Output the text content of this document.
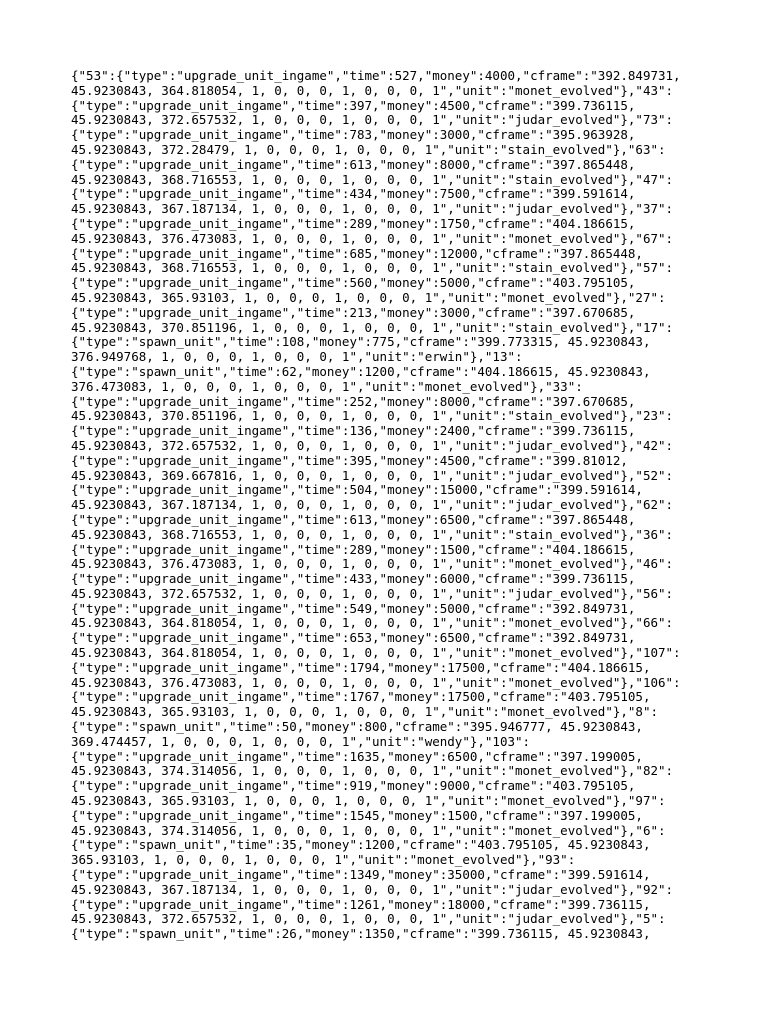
{"53":{"type":"upgrade_unit_ingame","time":527,"money":4000,"cframe":"392.849731,
45.9230843, 364.818054, 1, 0, 0, 0, 1, 0, 0, 0, 1","unit":"monet_evolved"},"43":
{"type":"upgrade_unit_ingame","time":397,"money":4500,"cframe":"399.736115,
45.9230843, 372.657532, 1, 0, 0, 0, 1, 0, 0, 0, 1","unit":"judar_evolved"},"73":
{"type":"upgrade_unit_ingame","time":783,"money":3000,"cframe":"395.963928,
45.9230843, 372.28479, 1, 0, 0, 0, 1, 0, 0, 0, 1","unit":"stain_evolved"},"63":
{"type":"upgrade_unit_ingame","time":613,"money":8000,"cframe":"397.865448,
45.9230843, 368.716553, 1, 0, 0, 0, 1, 0, 0, 0, 1","unit":"stain_evolved"},"47":
{"type":"upgrade_unit_ingame","time":434,"money":7500,"cframe":"399.591614,
45.9230843, 367.187134, 1, 0, 0, 0, 1, 0, 0, 0, 1","unit":"judar_evolved"},"37":
{"type":"upgrade_unit_ingame","time":289,"money":1750,"cframe":"404.186615,
45.9230843, 376.473083, 1, 0, 0, 0, 1, 0, 0, 0, 1","unit":"monet_evolved"},"67":
{"type":"upgrade_unit_ingame","time":685,"money":12000,"cframe":"397.865448,
45.9230843, 368.716553, 1, 0, 0, 0, 1, 0, 0, 0, 1","unit":"stain_evolved"},"57":
{"type":"upgrade_unit_ingame","time":560,"money":5000,"cframe":"403.795105,
45.9230843, 365.93103, 1, 0, 0, 0, 1, 0, 0, 0, 1","unit":"monet_evolved"},"27":
{"type":"upgrade_unit_ingame","time":213,"money":3000,"cframe":"397.670685,
45.9230843, 370.851196, 1, 0, 0, 0, 1, 0, 0, 0, 1","unit":"stain_evolved"},"17":
{"type":"spawn_unit","time":108,"money":775,"cframe":"399.773315, 45.9230843,
376.949768, 1, 0, 0, 0, 1, 0, 0, 0, 1","unit":"erwin"},"13":
{"type":"spawn_unit","time":62,"money":1200,"cframe":"404.186615, 45.9230843,
376.473083, 1, 0, 0, 0, 1, 0, 0, 0, 1","unit":"monet_evolved"},"33":
{"type":"upgrade_unit_ingame","time":252,"money":8000,"cframe":"397.670685,
45.9230843, 370.851196, 1, 0, 0, 0, 1, 0, 0, 0, 1","unit":"stain_evolved"},"23":
{"type":"upgrade_unit_ingame","time":136,"money":2400,"cframe":"399.736115,
45.9230843, 372.657532, 1, 0, 0, 0, 1, 0, 0, 0, 1","unit":"judar_evolved"},"42":
{"type":"upgrade_unit_ingame","time":395,"money":4500,"cframe":"399.81012,
45.9230843, 369.667816, 1, 0, 0, 0, 1, 0, 0, 0, 1","unit":"judar_evolved"},"52":
{"type":"upgrade_unit_ingame","time":504,"money":15000,"cframe":"399.591614,
45.9230843, 367.187134, 1, 0, 0, 0, 1, 0, 0, 0, 1","unit":"judar_evolved"},"62":
{"type":"upgrade_unit_ingame","time":613,"money":6500,"cframe":"397.865448,
45.9230843, 368.716553, 1, 0, 0, 0, 1, 0, 0, 0, 1","unit":"stain_evolved"},"36":
{"type":"upgrade_unit_ingame","time":289,"money":1500,"cframe":"404.186615,
45.9230843, 376.473083, 1, 0, 0, 0, 1, 0, 0, 0, 1","unit":"monet_evolved"},"46":
{"type":"upgrade_unit_ingame","time":433,"money":6000,"cframe":"399.736115,
45.9230843, 372.657532, 1, 0, 0, 0, 1, 0, 0, 0, 1","unit":"judar_evolved"},"56":
{"type":"upgrade_unit_ingame","time":549,"money":5000,"cframe":"392.849731,
45.9230843, 364.818054, 1, 0, 0, 0, 1, 0, 0, 0, 1","unit":"monet_evolved"},"66":
{"type":"upgrade_unit_ingame","time":653,"money":6500,"cframe":"392.849731,
45.9230843, 364.818054, 1, 0, 0, 0, 1, 0, 0, 0, 1","unit":"monet_evolved"},"107":
{"type":"upgrade_unit_ingame","time":1794,"money":17500,"cframe":"404.186615,
45.9230843, 376.473083, 1, 0, 0, 0, 1, 0, 0, 0, 1","unit":"monet_evolved"},"106":
{"type":"upgrade_unit_ingame","time":1767,"money":17500,"cframe":"403.795105,
45.9230843, 365.93103, 1, 0, 0, 0, 1, 0, 0, 0, 1","unit":"monet_evolved"},"8":
{"type":"spawn_unit","time":50,"money":800,"cframe":"395.946777, 45.9230843,
369.474457, 1, 0, 0, 0, 1, 0, 0, 0, 1","unit":"wendy"},"103":
{"type":"upgrade_unit_ingame","time":1635,"money":6500,"cframe":"397.199005,
45.9230843, 374.314056, 1, 0, 0, 0, 1, 0, 0, 0, 1","unit":"monet_evolved"},"82":
{"type":"upgrade_unit_ingame","time":919,"money":9000,"cframe":"403.795105,
45.9230843, 365.93103, 1, 0, 0, 0, 1, 0, 0, 0, 1","unit":"monet_evolved"},"97":
{"type":"upgrade_unit_ingame","time":1545,"money":1500,"cframe":"397.199005,
45.9230843, 374.314056, 1, 0, 0, 0, 1, 0, 0, 0, 1","unit":"monet_evolved"},"6":
{"type":"spawn_unit","time":35,"money":1200,"cframe":"403.795105, 45.9230843,
365.93103, 1, 0, 0, 0, 1, 0, 0, 0, 1","unit":"monet_evolved"},"93":
{"type":"upgrade_unit_ingame","time":1349,"money":35000,"cframe":"399.591614,
45.9230843, 367.187134, 1, 0, 0, 0, 1, 0, 0, 0, 1","unit":"judar_evolved"},"92":
{"type":"upgrade_unit_ingame","time":1261,"money":18000,"cframe":"399.736115,
45.9230843, 372.657532, 1, 0, 0, 0, 1, 0, 0, 0, 1","unit":"judar_evolved"},"5":
{"type":"spawn_unit","time":26,"money":1350,"cframe":"399.736115, 45.9230843,
